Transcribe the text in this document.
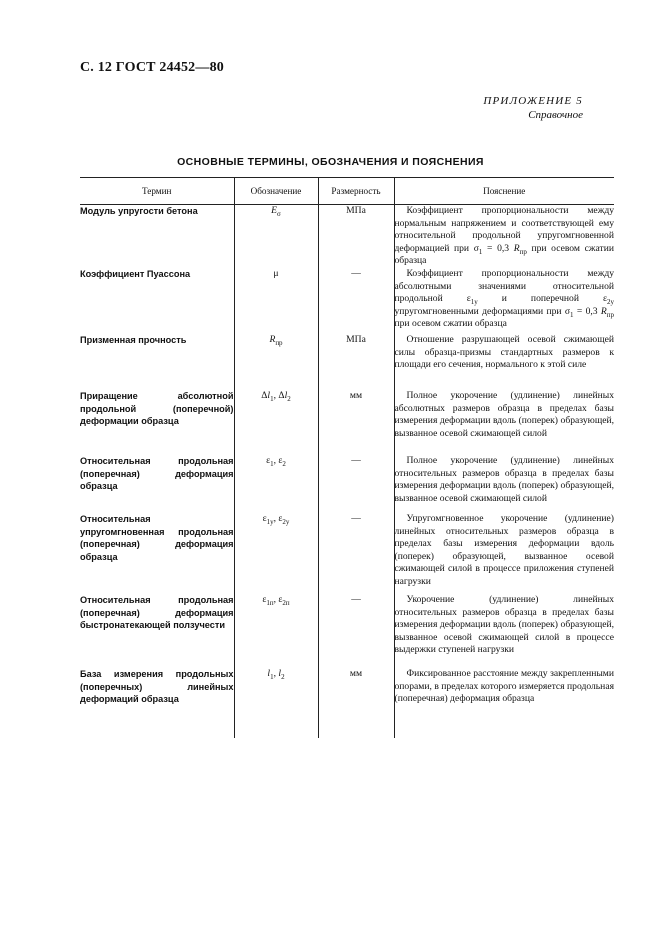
С. 12 ГОСТ 24452—80
ПРИЛОЖЕНИЕ 5
Справочное
ОСНОВНЫЕ ТЕРМИНЫ, ОБОЗНАЧЕНИЯ И ПОЯСНЕНИЯ
Термин	Обозначение	Размерность	Пояснение
Модуль упругости бетона	$E_\sigma$	МПа	Коэффициент пропорциональности между нормальным напряжением и соответствующей ему относительной продольной упругомгновенной деформацией при $\sigma_1 = 0,3$ $R_{пр}$ при осевом сжатии образца
Коэффициент Пуассона	μ	—	Коэффициент пропорциональности между абсолютными значениями относительной продольной $\varepsilon_{1y}$ и поперечной $\varepsilon_{2y}$ упругомгновенными деформациями при $\sigma_1 = 0,3$ $R_{пр}$ при осевом сжатии образца
Призменная прочность	$R_{пр}$	МПа	Отношение разрушающей осевой сжимающей силы образца-призмы стандартных размеров к площади его сечения, нормального к этой силе
Приращение абсолютной продольной (поперечной) деформации образца	$\Delta l_1$, $\Delta l_2$	мм	Полное укорочение (удлинение) линейных абсолютных размеров образца в пределах базы измерения деформации вдоль (поперек) образующей, вызванное осевой сжимающей силой
Относительная продольная (поперечная) деформация образца	$\varepsilon_1$, $\varepsilon_2$	—	Полное укорочение (удлинение) линейных относительных размеров образца в пределах базы измерения деформации вдоль (поперек) образующей, вызванное осевой сжимающей силой
Относительная упругомгновенная продольная (поперечная) деформация образца	$\varepsilon_{1y}$, $\varepsilon_{2y}$	—	Упругомгновенное укорочение (удлинение) линейных относительных размеров образца в пределах базы измерения деформации вдоль (поперек) образующей, вызванное осевой сжимающей силой в процессе приложения ступеней нагрузки
Относительная продольная (поперечная) деформация быстронатекающей ползучести	$\varepsilon_{1п}$, $\varepsilon_{2п}$	—	Укорочение (удлинение) линейных относительных размеров образца в пределах базы измерения деформации вдоль (поперек) образующей, вызванное осевой сжимающей силой в процессе выдержки ступеней нагрузки
База измерения продольных (поперечных) линейных деформаций образца	$l_1$, $l_2$	мм	Фиксированное расстояние между закрепленными опорами, в пределах которого измеряется продольная (поперечная) деформация образца
